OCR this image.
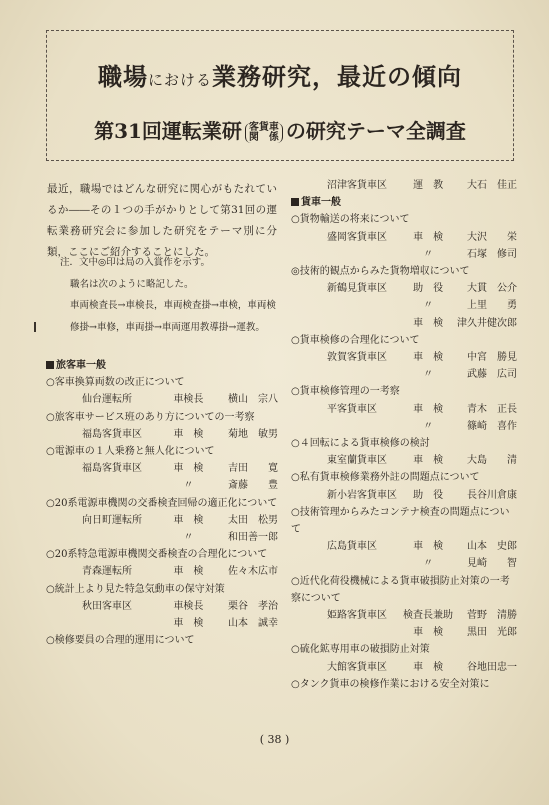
職場における業務研究，最近の傾向
第31回運転業研 客貨車
関　係 の研究テーマ全調査

最近，職場ではどんな研究に関心がもたれているか――その１つの手がかりとして第31回の運転業務研究会に参加した研究をテーマ別に分類，ここにご紹介することにした。

注．文中◎印は局の入賞作を示す。

職名は次のように略記した。

車両検査長→車検長，車両検査掛→車検，車両検修掛→車修，車両掛→車両運用教導掛→運教。

旅客車一般
○客車換算両数の改正について
仙台運転所	車検長	横山　宗八
○旅客車サービス班のあり方についての一考察
福島客貨車区	車　検	菊地　敏男
○電源車の１人乗務と無人化について
福島客貨車区	車　検	吉田　　寛
〃	斎藤　　豊
○20系電源車機関の交番検査回帰の適正化について
向日町運転所	車　検	太田　松男
〃	和田善一郎
○20系特急電源車機関交番検査の合理化について
青森運転所	車　検	佐々木広市
○統計上より見た特急気動車の保守対策
秋田客車区	車検長	栗谷　孝治
車　検	山本　誠幸
○検修要員の合理的運用について
沼津客貨車区	運　教	大石　佳正
貨車一般
○貨物輸送の将来について
盛岡客貨車区	車　検	大沢　　栄
〃	石塚　修司
◎技術的観点からみた貨物増収について
新鶴見貨車区	助　役	大貫　公介
〃	上里　　勇
車　検	津久井健次郎
○貨車検修の合理化について
敦賀客貨車区	車　検	中宮　勝見
〃	武藤　広司
○貨車検修管理の一考察
平客貨車区	車　検	青木　正長
〃	篠崎　喜作
○４回転による貨車検修の検討
東室蘭貨車区	車　検	大島　　清
○私有貨車検修業務外註の問題点について
新小岩客貨車区	助　役	長谷川倉康
○技術管理からみたコンテナ検査の問題点について
広島貨車区	車　検	山本　史郎
〃	見崎　　智
○近代化荷役機械による貨車破損防止対策の一考察について
姫路客貨車区	検査長兼助	菅野　清勝
車　検	黒田　光郎
○硫化鉱専用車の破損防止対策
大館客貨車区	車　検	谷地田忠一
○タンク貨車の検修作業における安全対策に
( 38 )
